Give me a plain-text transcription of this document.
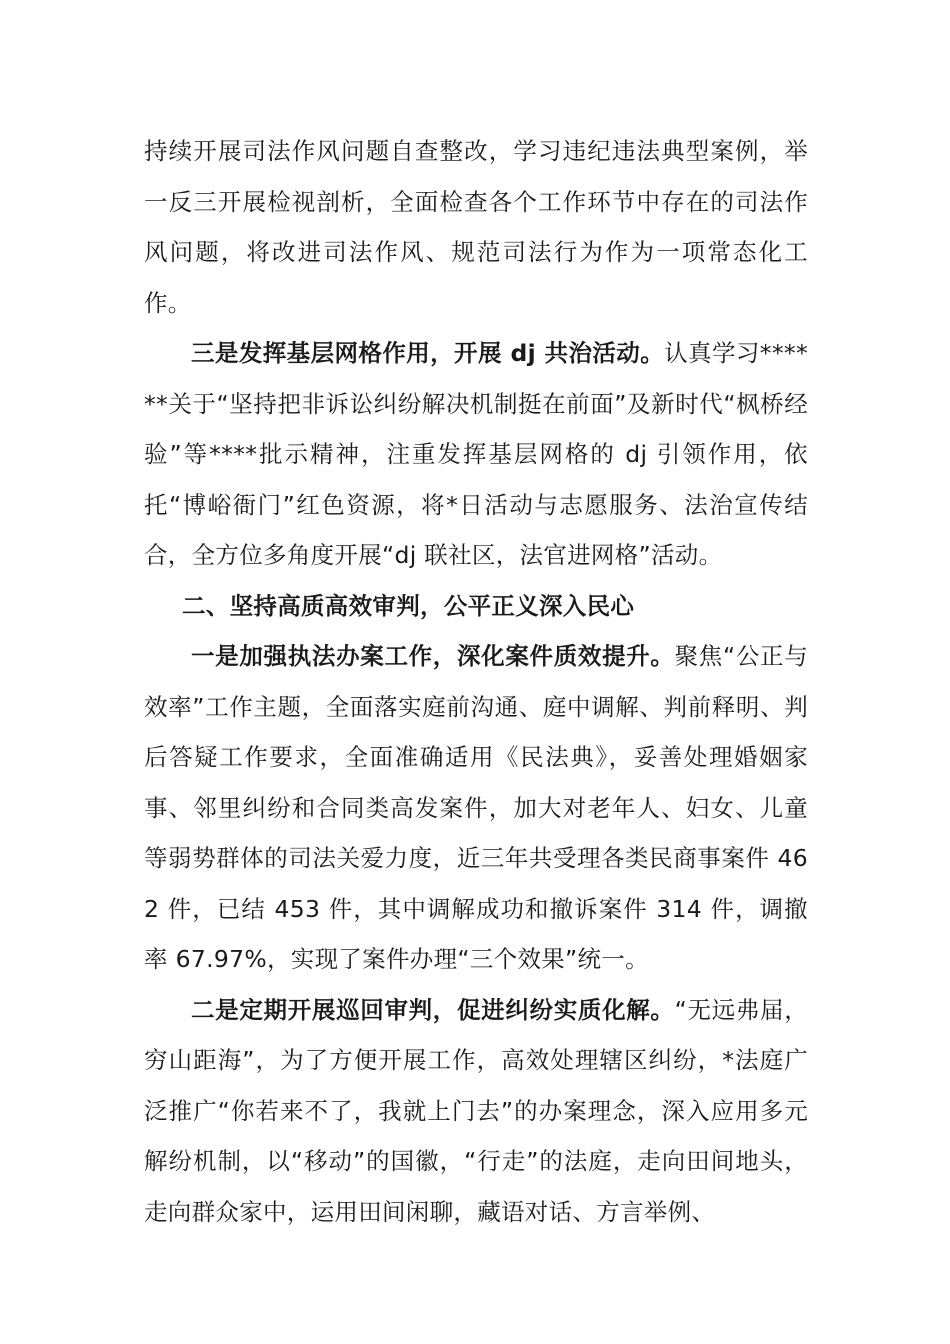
持续开展司法作风问题自查整改，学习违纪违法典型案例，举一反三开展检视剖析，全面检查各个工作环节中存在的司法作风问题，将改进司法作风、规范司法行为作为一项常态化工作。

三是发挥基层网格作用，开展 dj 共治活动。认真学习******关于“坚持把非诉讼纠纷解决机制挺在前面”及新时代“枫桥经验”等****批示精神，注重发挥基层网格的 dj 引领作用，依托“博峪衙门”红色资源，将*日活动与志愿服务、法治宣传结合，全方位多角度开展“dj 联社区，法官进网格”活动。

二、坚持高质高效审判，公平正义深入民心

一是加强执法办案工作，深化案件质效提升。聚焦“公正与效率”工作主题，全面落实庭前沟通、庭中调解、判前释明、判后答疑工作要求，全面准确适用《民法典》，妥善处理婚姻家事、邻里纠纷和合同类高发案件，加大对老年人、妇女、儿童等弱势群体的司法关爱力度，近三年共受理各类民商事案件 462 件，已结 453 件，其中调解成功和撤诉案件 314 件，调撤率 67.97%，实现了案件办理“三个效果”统一。

二是定期开展巡回审判，促进纠纷实质化解。“无远弗届，穷山距海”，为了方便开展工作，高效处理辖区纠纷，*法庭广泛推广“你若来不了，我就上门去”的办案理念，深入应用多元解纷机制，以“移动”的国徽，“行走”的法庭，走向田间地头，走向群众家中，运用田间闲聊，藏语对话、方言举例、
